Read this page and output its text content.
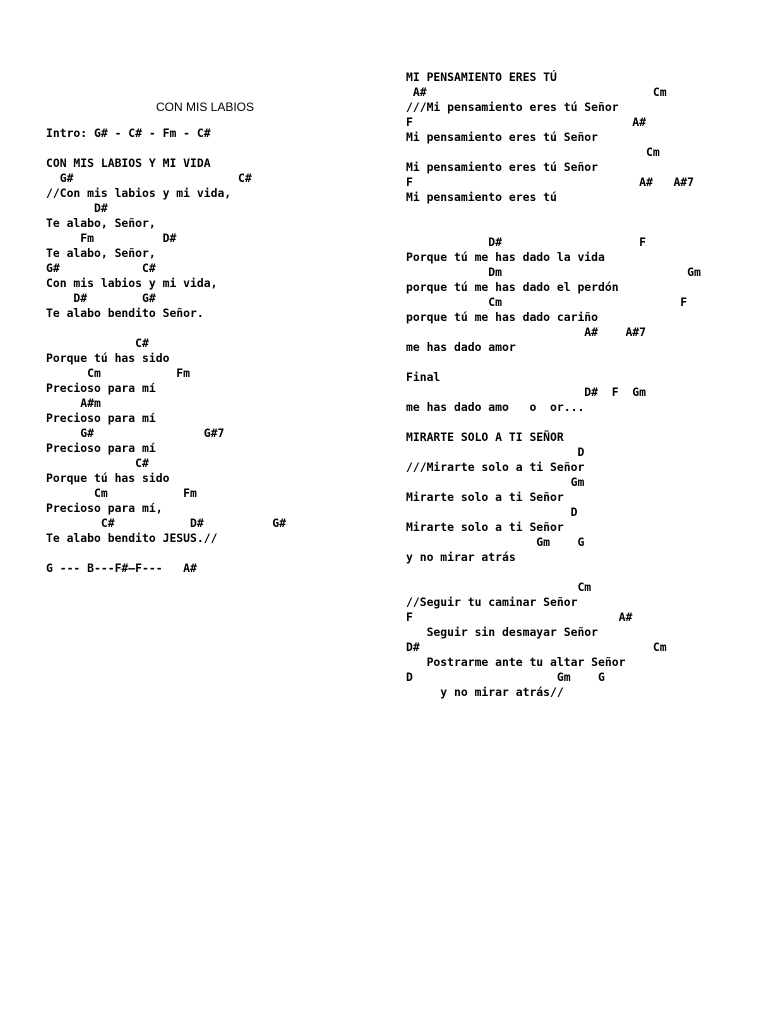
CON MIS LABIOS
Intro: G# - C# - Fm - C#
CON MIS LABIOS Y MI VIDA
G#                        C#
//Con mis labios y mi vida,
D#
Te alabo, Señor,
Fm          D#
Te alabo, Señor,
G#            C#
Con mis labios y mi vida,
D#        G#
Te alabo bendito Señor.
C#
Porque tú has sido
Cm           Fm
Precioso para mí
A#m
Precioso para mí
G#                G#7
Precioso para mí
C#
Porque tú has sido
Cm           Fm
Precioso para mí,
C#           D#          G#
Te alabo bendito JESUS.//
G --- B---F#—F---   A#
MI PENSAMIENTO ERES TÚ
A#                                 Cm
///Mi pensamiento eres tú Señor
F                                A#
Mi pensamiento eres tú Señor
Cm
Mi pensamiento eres tú Señor
F                                 A#   A#7
Mi pensamiento eres tú
D#                    F
Porque tú me has dado la vida
Dm                           Gm
porque tú me has dado el perdón
Cm                          F
porque tú me has dado cariño
A#    A#7
me has dado amor
Final
D#  F  Gm
me has dado amo   o  or...
MIRARTE SOLO A TI SEÑOR
D
///Mirarte solo a ti Señor
Gm
Mirarte solo a ti Señor
D
Mirarte solo a ti Señor
Gm    G
y no mirar atrás
Cm
//Seguir tu caminar Señor
F                              A#
Seguir sin desmayar Señor
D#                                  Cm
Postrarme ante tu altar Señor
D                     Gm    G
y no mirar atrás//
